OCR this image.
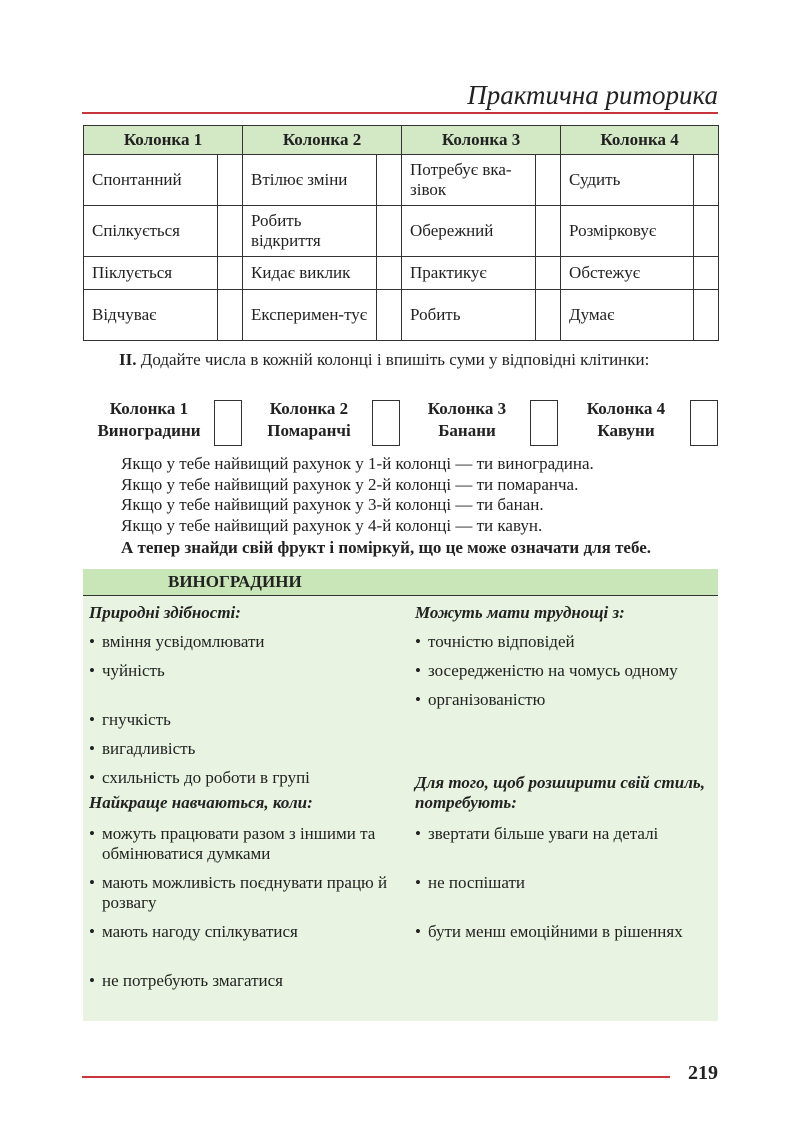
Практична риторика
Колонка 1		Колонка 2		Колонка 3		Колонка 4	
Спонтанний		Втілює зміни		Потребує вка-зівок		Судить	
Спілкується		Робить відкриття		Обережний		Розмірковує	
Піклується		Кидає виклик		Практикує		Обстежує	
Відчуває		Експеримен-тує		Робить		Думає	
II. Додайте числа в кожній колонці і впишіть суми у відповідні клітинки:
Колонка 1
Виноградини
Колонка 2
Помаранчі
Колонка 3
Банани
Колонка 4
Кавуни
Якщо у тебе найвищий рахунок у 1-й колонці — ти виноградина.
Якщо у тебе найвищий рахунок у 2-й колонці — ти помаранча.
Якщо у тебе найвищий рахунок у 3-й колонці — ти банан.
Якщо у тебе найвищий рахунок у 4-й колонці — ти кавун.
А тепер знайди свій фрукт і поміркуй, що це може означати для тебе.
ВИНОГРАДИНИ
Природні здібності:
• вміння усвідомлювати
• чуйність
• гнучкість
• вигадливість
• схильність до роботи в групі
Найкраще навчаються, коли:
• можуть працювати разом з іншими та обмінюватися думками
• мають можливість поєднувати працю й розвагу
• мають нагоду спілкуватися
• не потребують змагатися
Можуть мати труднощі з:
• точністю відповідей
• зосередженістю на чомусь одному
• організованістю
Для того, щоб розширити свій стиль, потребують:
• звертати більше уваги на деталі
• не поспішати
• бути менш емоційними в рішеннях
219
